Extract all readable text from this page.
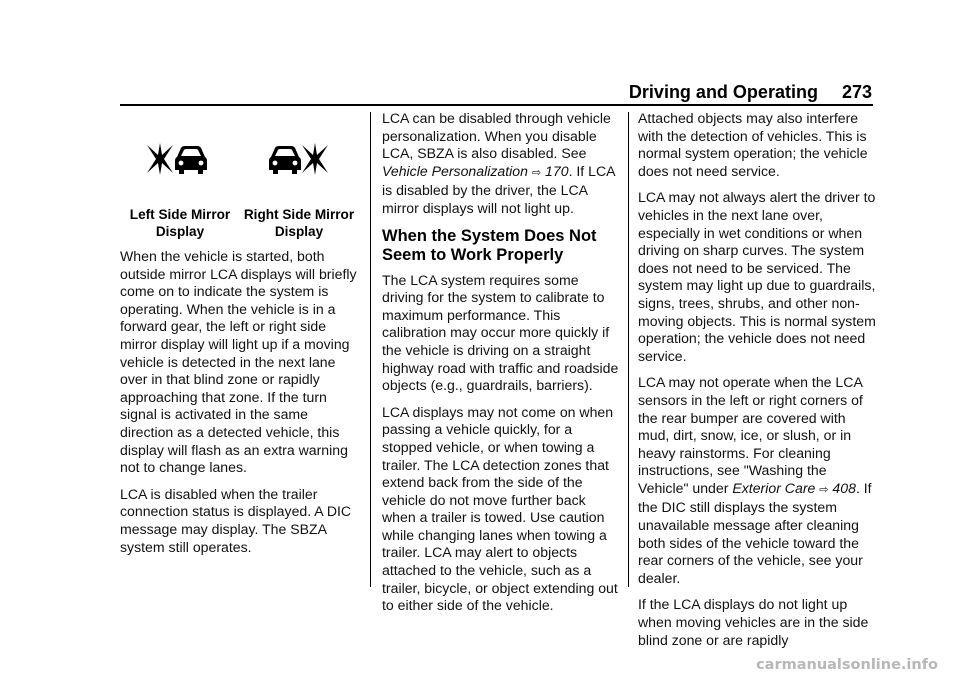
Driving and Operating 273
Left Side Mirror
Display
Right Side Mirror
Display

When the vehicle is started, both outside mirror LCA displays will briefly come on to indicate the system is operating. When the vehicle is in a forward gear, the left or right side mirror display will light up if a moving vehicle is detected in the next lane over in that blind zone or rapidly approaching that zone. If the turn signal is activated in the same direction as a detected vehicle, this display will flash as an extra warning not to change lanes.

LCA is disabled when the trailer connection status is displayed. A DIC message may display. The SBZA system still operates.

LCA can be disabled through vehicle personalization. When you disable LCA, SBZA is also disabled. See Vehicle Personalization ⇨ 170. If LCA is disabled by the driver, the LCA mirror displays will not light up.

When the System Does Not Seem to Work Properly

The LCA system requires some driving for the system to calibrate to maximum performance. This calibration may occur more quickly if the vehicle is driving on a straight highway road with traffic and roadside objects (e.g., guardrails, barriers).

LCA displays may not come on when passing a vehicle quickly, for a stopped vehicle, or when towing a trailer. The LCA detection zones that extend back from the side of the vehicle do not move further back when a trailer is towed. Use caution while changing lanes when towing a trailer. LCA may alert to objects attached to the vehicle, such as a trailer, bicycle, or object extending out to either side of the vehicle.

Attached objects may also interfere with the detection of vehicles. This is normal system operation; the vehicle does not need service.

LCA may not always alert the driver to vehicles in the next lane over, especially in wet conditions or when driving on sharp curves. The system does not need to be serviced. The system may light up due to guardrails, signs, trees, shrubs, and other non-moving objects. This is normal system operation; the vehicle does not need service.

LCA may not operate when the LCA sensors in the left or right corners of the rear bumper are covered with mud, dirt, snow, ice, or slush, or in heavy rainstorms. For cleaning instructions, see "Washing the Vehicle" under Exterior Care ⇨ 408. If the DIC still displays the system unavailable message after cleaning both sides of the vehicle toward the rear corners of the vehicle, see your dealer.

If the LCA displays do not light up when moving vehicles are in the side blind zone or are rapidly

carmanualsonline.info
